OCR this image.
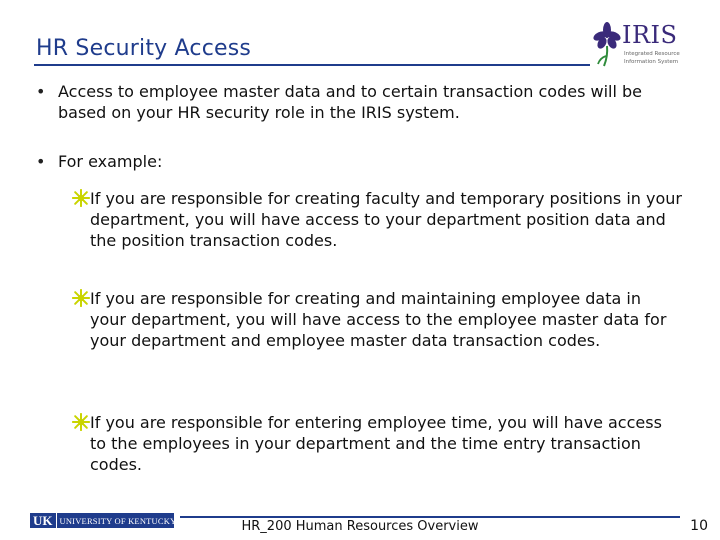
HR Security Access	IRIS
Integrated Resource
Information System
• Access to employee master data and to certain transaction codes will be based on your HR security role in the IRIS system.
• For example:
If you are responsible for creating faculty and temporary positions in your department, you will have access to your department position data and the position transaction codes.
If you are responsible for creating and maintaining employee data in your department, you will have access to the employee master data for your department and employee master data transaction codes.
If you are responsible for entering employee time, you will have access to the employees in your department and the time entry transaction codes.
UK UNIVERSITY OF KENTUCKY	HR_200 Human Resources Overview	10
